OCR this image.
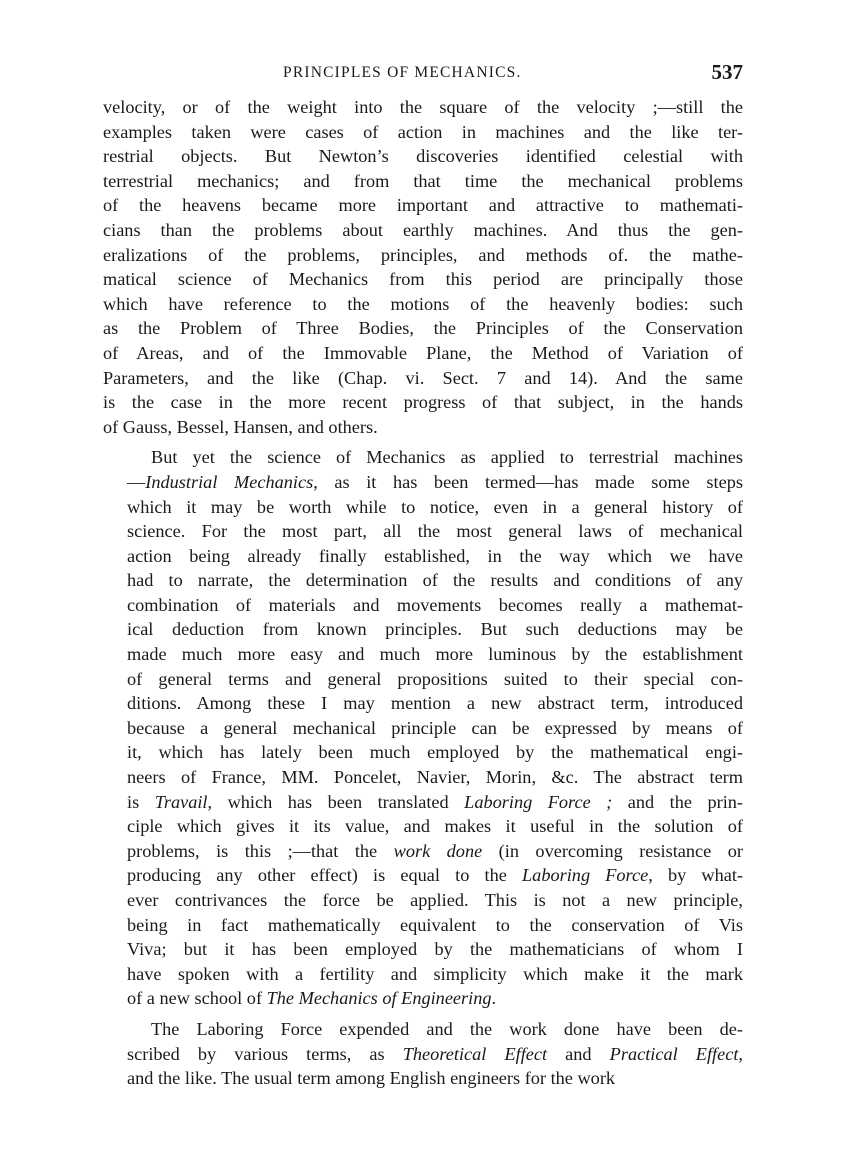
PRINCIPLES OF MECHANICS.	537
velocity, or of the weight into the square of the velocity ;—still the
examples taken were cases of action in machines and the like ter-
restrial objects. But Newton’s discoveries identified celestial with
terrestrial mechanics; and from that time the mechanical problems
of the heavens became more important and attractive to mathemati-
cians than the problems about earthly machines. And thus the gen-
eralizations of the problems, principles, and methods of. the mathe-
matical science of Mechanics from this period are principally those
which have reference to the motions of the heavenly bodies: such
as the Problem of Three Bodies, the Principles of the Conservation
of Areas, and of the Immovable Plane, the Method of Variation of
Parameters, and the like (Chap. vi. Sect. 7 and 14). And the same
is the case in the more recent progress of that subject, in the hands
of Gauss, Bessel, Hansen, and others.
But yet the science of Mechanics as applied to terrestrial machines
—Industrial Mechanics, as it has been termed—has made some steps
which it may be worth while to notice, even in a general history of
science. For the most part, all the most general laws of mechanical
action being already finally established, in the way which we have
had to narrate, the determination of the results and conditions of any
combination of materials and movements becomes really a mathemat-
ical deduction from known principles. But such deductions may be
made much more easy and much more luminous by the establishment
of general terms and general propositions suited to their special con-
ditions. Among these I may mention a new abstract term, introduced
because a general mechanical principle can be expressed by means of
it, which has lately been much employed by the mathematical engi-
neers of France, MM. Poncelet, Navier, Morin, &c. The abstract term
is Travail, which has been translated Laboring Force ; and the prin-
ciple which gives it its value, and makes it useful in the solution of
problems, is this ;—that the work done (in overcoming resistance or
producing any other effect) is equal to the Laboring Force, by what-
ever contrivances the force be applied. This is not a new principle,
being in fact mathematically equivalent to the conservation of Vis
Viva; but it has been employed by the mathematicians of whom I
have spoken with a fertility and simplicity which make it the mark
of a new school of The Mechanics of Engineering.
The Laboring Force expended and the work done have been de-
scribed by various terms, as Theoretical Effect and Practical Effect,
and the like. The usual term among English engineers for the work
